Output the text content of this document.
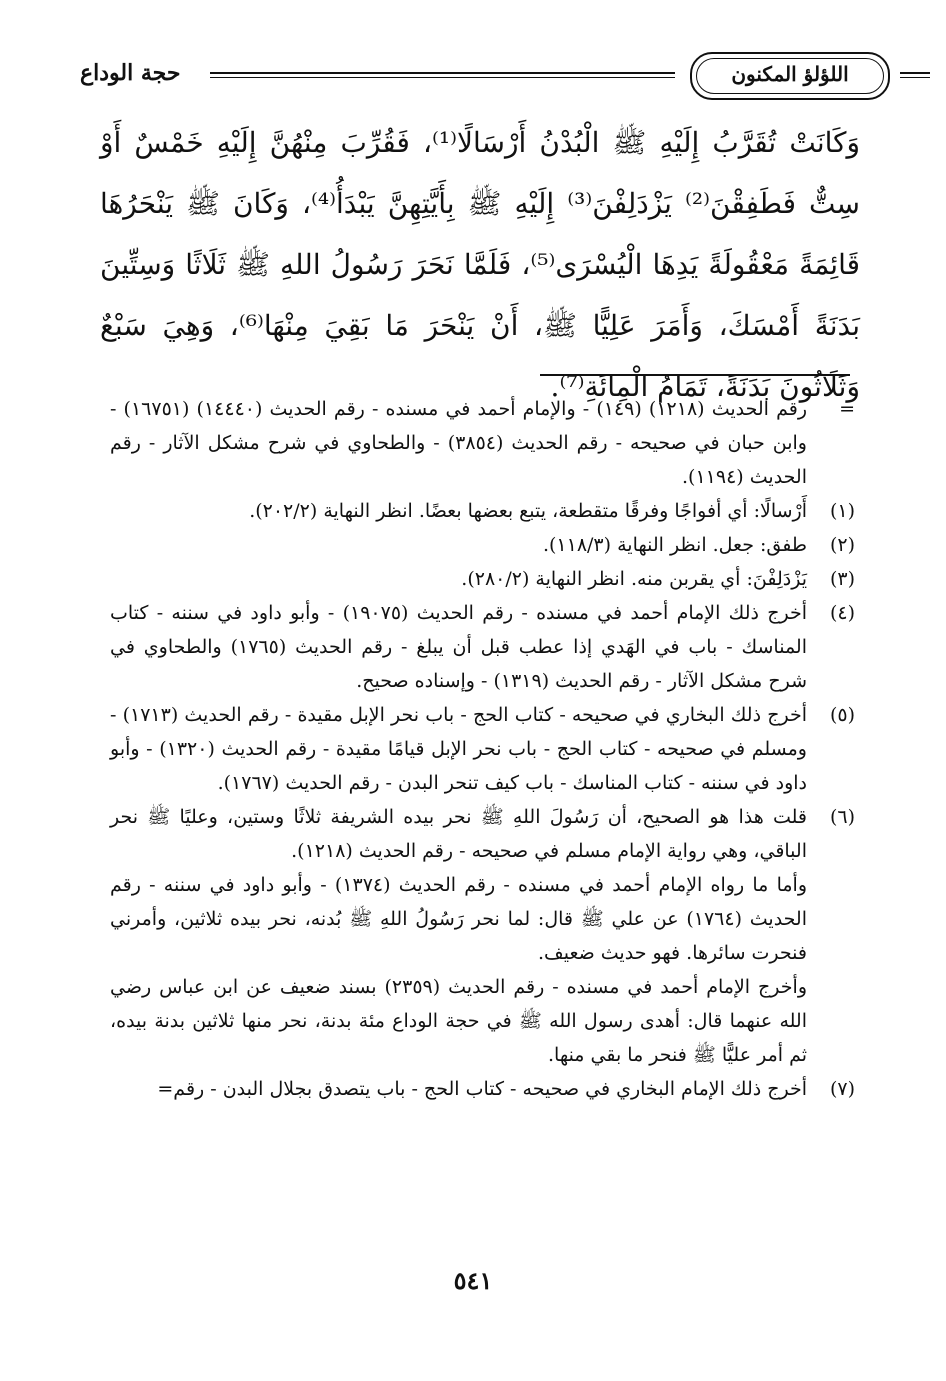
حجة الوداع	اللؤلؤ المكنون

وَكَانَتْ تُقَرَّبُ إِلَيْهِ ﷺ الْبُدْنُ أَرْسَالًا⁽¹⁾، فَقُرِّبَ مِنْهُنَّ إِلَيْهِ خَمْسٌ أَوْ سِتٌّ فَطَفِقْنَ⁽²⁾ يَزْدَلِفْنَ⁽³⁾ إِلَيْهِ ﷺ بِأَيَّتِهِنَّ يَبْدَأُ⁽⁴⁾، وَكَانَ ﷺ يَنْحَرُهَا قَائِمَةً مَعْقُولَةً يَدِهَا الْيُسْرَى⁽⁵⁾، فَلَمَّا نَحَرَ رَسُولُ اللهِ ﷺ ثَلَاثًا وَسِتِّينَ بَدَنَةً أَمْسَكَ، وَأَمَرَ عَلِيًّا ﷺ، أَنْ يَنْحَرَ مَا بَقِيَ مِنْهَا⁽⁶⁾، وَهِيَ سَبْعٌ وَثَلَاثُونَ بَدَنَةً، تَمَامُ الْمِائَةِ⁽⁷⁾.

=
رقم الحديث (١٢١٨) (١٤٩) - والإمام أحمد في مسنده - رقم الحديث (١٤٤٤٠) (١٦٧٥١) - وابن حبان في صحيحه - رقم الحديث (٣٨٥٤) - والطحاوي في شرح مشكل الآثار - رقم الحديث (١١٩٤).
(١)
أَرْسالًا: أي أفواجًا وفرقًا متقطعة، يتبع بعضها بعضًا. انظر النهاية (٢٠٢/٢).
(٢)
طفق: جعل. انظر النهاية (١١٨/٣).
(٣)
يَزْدَلِفْنَ: أي يقربن منه. انظر النهاية (٢٨٠/٢).
(٤)
أخرج ذلك الإمام أحمد في مسنده - رقم الحديث (١٩٠٧٥) - وأبو داود في سننه - كتاب المناسك - باب في الهَدي إذا عطب قبل أن يبلغ - رقم الحديث (١٧٦٥) والطحاوي في شرح مشكل الآثار - رقم الحديث (١٣١٩) - وإسناده صحيح.
(٥)
أخرج ذلك البخاري في صحيحه - كتاب الحج - باب نحر الإبل مقيدة - رقم الحديث (١٧١٣) - ومسلم في صحيحه - كتاب الحج - باب نحر الإبل قيامًا مقيدة - رقم الحديث (١٣٢٠) - وأبو داود في سننه - كتاب المناسك - باب كيف تنحر البدن - رقم الحديث (١٧٦٧).
(٦)
قلت هذا هو الصحيح، أن رَسُولَ اللهِ ﷺ نحر بيده الشريفة ثلاثًا وستين، وعليًا ﷺ نحر الباقي، وهي رواية الإمام مسلم في صحيحه - رقم الحديث (١٢١٨).

وأما ما رواه الإمام أحمد في مسنده - رقم الحديث (١٣٧٤) - وأبو داود في سننه - رقم الحديث (١٧٦٤) عن علي ﷺ قال: لما نحر رَسُولُ اللهِ ﷺ بُدنه، نحر بيده ثلاثين، وأمرني فنحرت سائرها. فهو حديث ضعيف.

وأخرج الإمام أحمد في مسنده - رقم الحديث (٢٣٥٩) بسند ضعيف عن ابن عباس رضي الله عنهما قال: أهدى رسول الله ﷺ في حجة الوداع مئة بدنة، نحر منها ثلاثين بدنة بيده، ثم أمر عليًّا ﷺ فنحر ما بقي منها.

(٧)
أخرج ذلك الإمام البخاري في صحيحه - كتاب الحج - باب يتصدق بجلال البدن - رقم=
٥٤١
